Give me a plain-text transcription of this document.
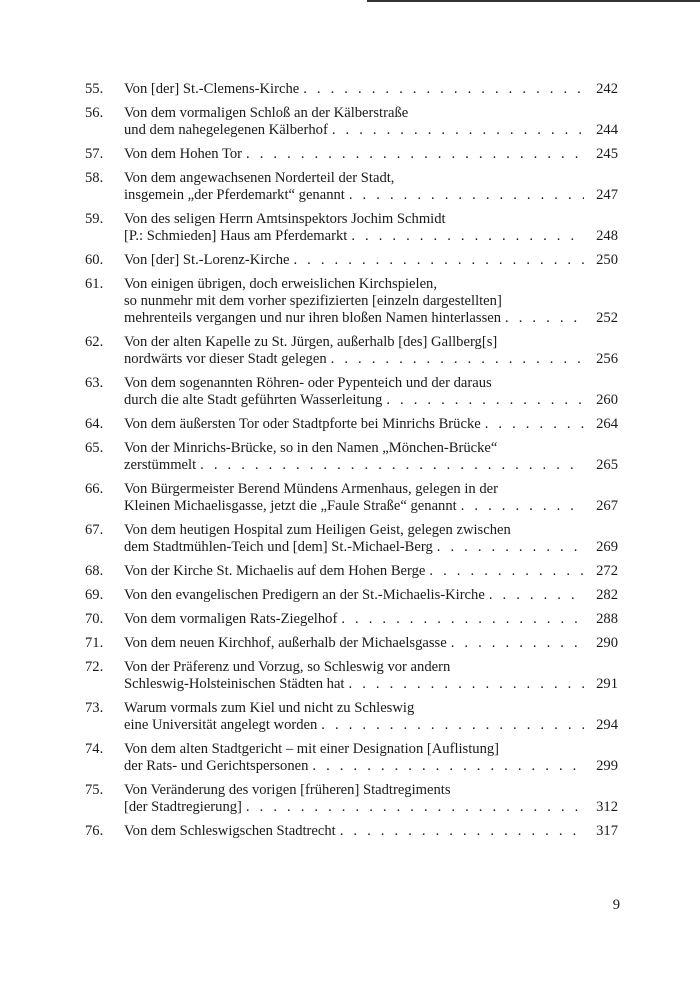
55.	Von [der] St.-Clemens-Kirche . . .	242
56.	Von dem vormaligen Schloß an der Kälberstraße
und dem nahegelegenen Kälberhof . . .	244
57.	Von dem Hohen Tor . . .	245
58.	Von dem angewachsenen Norderteil der Stadt,
insgemein „der Pferdemarkt“ genannt . . .	247
59.	Von des seligen Herrn Amtsinspektors Jochim Schmidt
[P.: Schmieden] Haus am Pferdemarkt . . .	248
60.	Von [der] St.-Lorenz-Kirche . . .	250
61.	Von einigen übrigen, doch erweislichen Kirchspielen,
so nunmehr mit dem vorher spezifizierten [einzeln dargestellten]
mehrenteils vergangen und nur ihren bloßen Namen hinterlassen . . .	252
62.	Von der alten Kapelle zu St. Jürgen, außerhalb [des] Gallberg[s]
nordwärts vor dieser Stadt gelegen . . .	256
63.	Von dem sogenannten Röhren- oder Pypenteich und der daraus
durch die alte Stadt geführten Wasserleitung . . .	260
64.	Von dem äußersten Tor oder Stadtpforte bei Minrichs Brücke . . .	264
65.	Von der Minrichs-Brücke, so in den Namen „Mönchen-Brücke“
zerstümmelt . . .	265
66.	Von Bürgermeister Berend Mündens Armenhaus, gelegen in der
Kleinen Michaelisgasse, jetzt die „Faule Straße“ genannt . . .	267
67.	Von dem heutigen Hospital zum Heiligen Geist, gelegen zwischen
dem Stadtmühlen-Teich und [dem] St.-Michael-Berg . . .	269
68.	Von der Kirche St. Michaelis auf dem Hohen Berge . . .	272
69.	Von den evangelischen Predigern an der St.-Michaelis-Kirche . . .	282
70.	Von dem vormaligen Rats-Ziegelhof . . .	288
71.	Von dem neuen Kirchhof, außerhalb der Michaelsgasse . . .	290
72.	Von der Präferenz und Vorzug, so Schleswig vor andern
Schleswig-Holsteinischen Städten hat . . .	291
73.	Warum vormals zum Kiel und nicht zu Schleswig
eine Universität angelegt worden . . .	294
74.	Von dem alten Stadtgericht – mit einer Designation [Auflistung]
der Rats- und Gerichtspersonen . . .	299
75.	Von Veränderung des vorigen [früheren] Stadtregiments
[der Stadtregierung] . . .	312
76.	Von dem Schleswigschen Stadtrecht . . .	317
9
